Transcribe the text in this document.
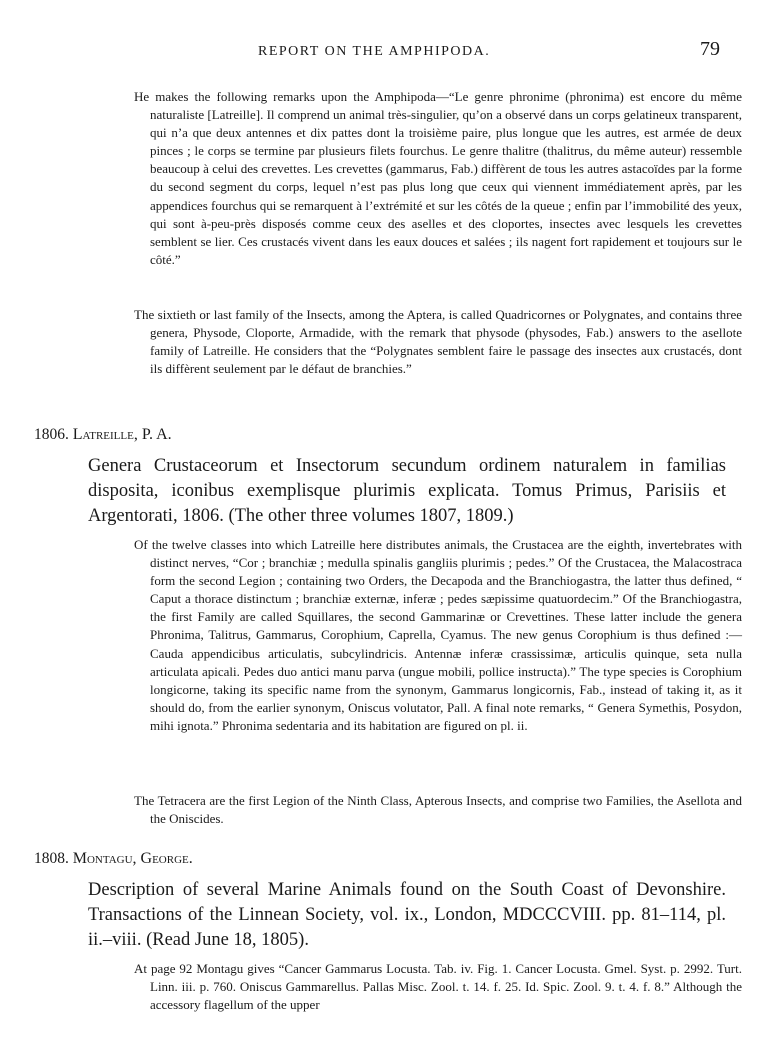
REPORT ON THE AMPHIPODA.	79

He makes the following remarks upon the Amphipoda—“Le genre phronime (phronima) est encore du même naturaliste [Latreille]. Il comprend un animal très-singulier, qu’on a observé dans un corps gelatineux transparent, qui n’a que deux antennes et dix pattes dont la troisième paire, plus longue que les autres, est armée de deux pinces ; le corps se termine par plusieurs filets fourchus. Le genre thalitre (thalitrus, du même auteur) ressemble beaucoup à celui des crevettes. Les crevettes (gammarus, Fab.) diffèrent de tous les autres astacoïdes par la forme du second segment du corps, lequel n’est pas plus long que ceux qui viennent immédiatement après, par les appendices fourchus qui se remarquent à l’extrémité et sur les côtés de la queue ; enfin par l’immobilité des yeux, qui sont à-peu-près disposés comme ceux des aselles et des cloportes, insectes avec lesquels les crevettes semblent se lier. Ces crustacés vivent dans les eaux douces et salées ; ils nagent fort rapidement et toujours sur le côté.”

The sixtieth or last family of the Insects, among the Aptera, is called Quadricornes or Polygnates, and contains three genera, Physode, Cloporte, Armadide, with the remark that physode (physodes, Fab.) answers to the asellote family of Latreille. He considers that the “Polygnates semblent faire le passage des insectes aux crustacés, dont ils diffèrent seulement par le défaut de branchies.”

1806. Latreille, P. A.

Genera Crustaceorum et Insectorum secundum ordinem naturalem in familias disposita, iconibus exemplisque plurimis explicata. Tomus Primus, Parisiis et Argentorati, 1806. (The other three volumes 1807, 1809.)

Of the twelve classes into which Latreille here distributes animals, the Crustacea are the eighth, invertebrates with distinct nerves, “Cor ; branchiæ ; medulla spinalis gangliis plurimis ; pedes.” Of the Crustacea, the Malacostraca form the second Legion ; containing two Orders, the Decapoda and the Branchiogastra, the latter thus defined, “ Caput a thorace distinctum ; branchiæ externæ, inferæ ; pedes sæpissime quatuordecim.” Of the Branchiogastra, the first Family are called Squillares, the second Gammarinæ or Crevettines. These latter include the genera Phronima, Talitrus, Gammarus, Corophium, Caprella, Cyamus. The new genus Corophium is thus defined :—Cauda appendicibus articulatis, subcylindricis. Antennæ inferæ crassissimæ, articulis quinque, seta nulla articulata apicali. Pedes duo antici manu parva (ungue mobili, pollice instructa).” The type species is Corophium longicorne, taking its specific name from the synonym, Gammarus longicornis, Fab., instead of taking it, as it should do, from the earlier synonym, Oniscus volutator, Pall. A final note remarks, “ Genera Symethis, Posydon, mihi ignota.” Phronima sedentaria and its habitation are figured on pl. ii.

The Tetracera are the first Legion of the Ninth Class, Apterous Insects, and comprise two Families, the Asellota and the Oniscides.

1808. Montagu, George.

Description of several Marine Animals found on the South Coast of Devonshire. Transactions of the Linnean Society, vol. ix., London, MDCCCVIII. pp. 81–114, pl. ii.–viii. (Read June 18, 1805).

At page 92 Montagu gives “Cancer Gammarus Locusta. Tab. iv. Fig. 1. Cancer Locusta. Gmel. Syst. p. 2992. Turt. Linn. iii. p. 760. Oniscus Gammarellus. Pallas Misc. Zool. t. 14. f. 25. Id. Spic. Zool. 9. t. 4. f. 8.” Although the accessory flagellum of the upper
